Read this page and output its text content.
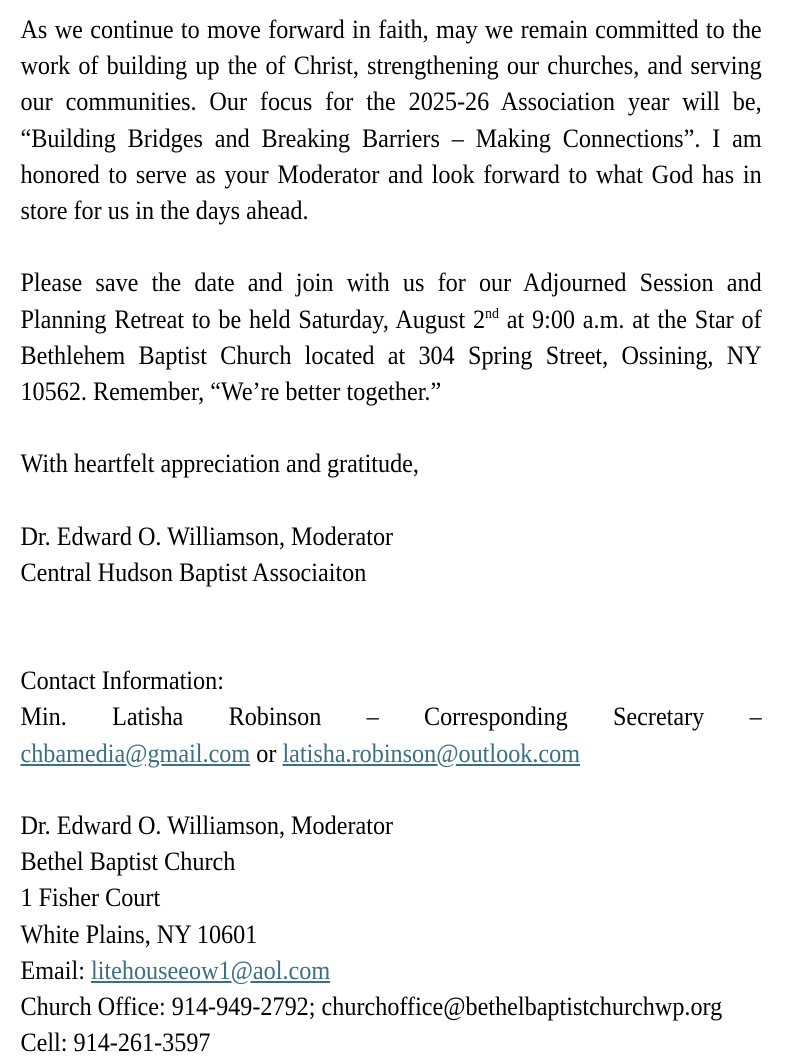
As we continue to move forward in faith, may we remain committed to the work of building up the of Christ, strengthening our churches, and serving our communities. Our focus for the 2025-26 Association year will be, “Building Bridges and Breaking Barriers – Making Connections”. I am honored to serve as your Moderator and look forward to what God has in store for us in the days ahead.

Please save the date and join with us for our Adjourned Session and Planning Retreat to be held Saturday, August 2nd at 9:00 a.m. at the Star of Bethlehem Baptist Church located at 304 Spring Street, Ossining, NY 10562. Remember, “We’re better together.”

With heartfelt appreciation and gratitude,

Dr. Edward O. Williamson, Moderator

Central Hudson Baptist Associaiton

Contact Information:

Min. Latisha Robinson – Corresponding Secretary – chbamedia@gmail.com or latisha.robinson@outlook.com

Dr. Edward O. Williamson, Moderator

Bethel Baptist Church

1 Fisher Court

White Plains, NY 10601

Email: litehouseeow1@aol.com

Church Office: 914-949-2792; churchoffice@bethelbaptistchurchwp.org

Cell: 914-261-3597
